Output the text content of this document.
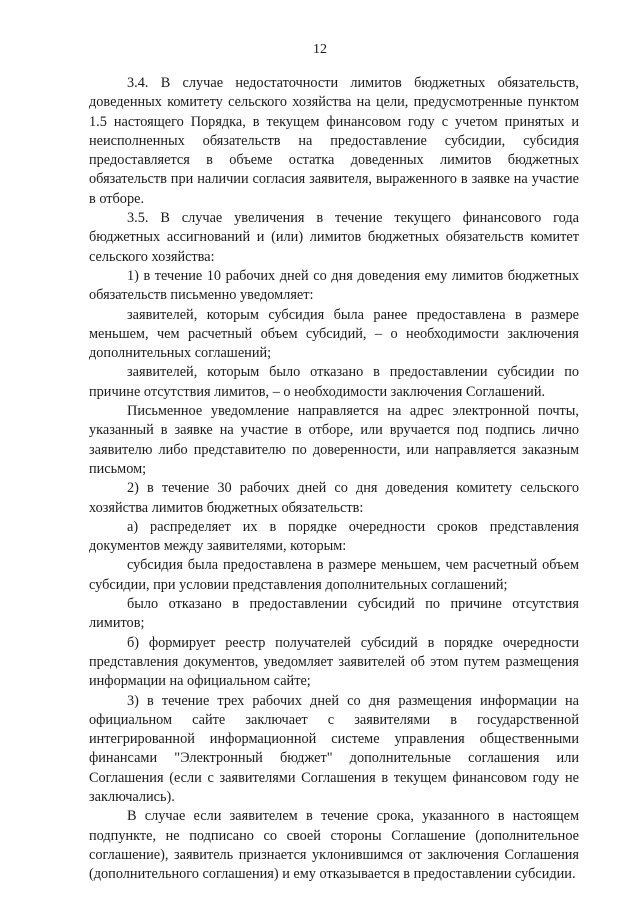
12

3.4. В случае недостаточности лимитов бюджетных обязательств, доведенных комитету сельского хозяйства на цели, предусмотренные пунктом 1.5 настоящего Порядка, в текущем финансовом году с учетом принятых и неисполненных обязательств на предоставление субсидии, субсидия предоставляется в объеме остатка доведенных лимитов бюджетных обязательств при наличии согласия заявителя, выраженного в заявке на участие в отборе.

3.5. В случае увеличения в течение текущего финансового года бюджетных ассигнований и (или) лимитов бюджетных обязательств комитет сельского хозяйства:

1) в течение 10 рабочих дней со дня доведения ему лимитов бюджетных обязательств письменно уведомляет:

заявителей, которым субсидия была ранее предоставлена в размере меньшем, чем расчетный объем субсидий, – о необходимости заключения дополнительных соглашений;

заявителей, которым было отказано в предоставлении субсидии по причине отсутствия лимитов, – о необходимости заключения Соглашений.

Письменное уведомление направляется на адрес электронной почты, указанный в заявке на участие в отборе, или вручается под подпись лично заявителю либо представителю по доверенности, или направляется заказным письмом;

2) в течение 30 рабочих дней со дня доведения комитету сельского хозяйства лимитов бюджетных обязательств:

а) распределяет их в порядке очередности сроков представления документов между заявителями, которым:

субсидия была предоставлена в размере меньшем, чем расчетный объем субсидии, при условии представления дополнительных соглашений;

было отказано в предоставлении субсидий по причине отсутствия лимитов;

б) формирует реестр получателей субсидий в порядке очередности представления документов, уведомляет заявителей об этом путем размещения информации на официальном сайте;

3) в течение трех рабочих дней со дня размещения информации на официальном сайте заключает с заявителями в государственной интегрированной информационной системе управления общественными финансами "Электронный бюджет" дополнительные соглашения или Соглашения (если с заявителями Соглашения в текущем финансовом году не заключались).

В случае если заявителем в течение срока, указанного в настоящем подпункте, не подписано со своей стороны Соглашение (дополнительное соглашение), заявитель признается уклонившимся от заключения Соглашения (дополнительного соглашения) и ему отказывается в предоставлении субсидии.
